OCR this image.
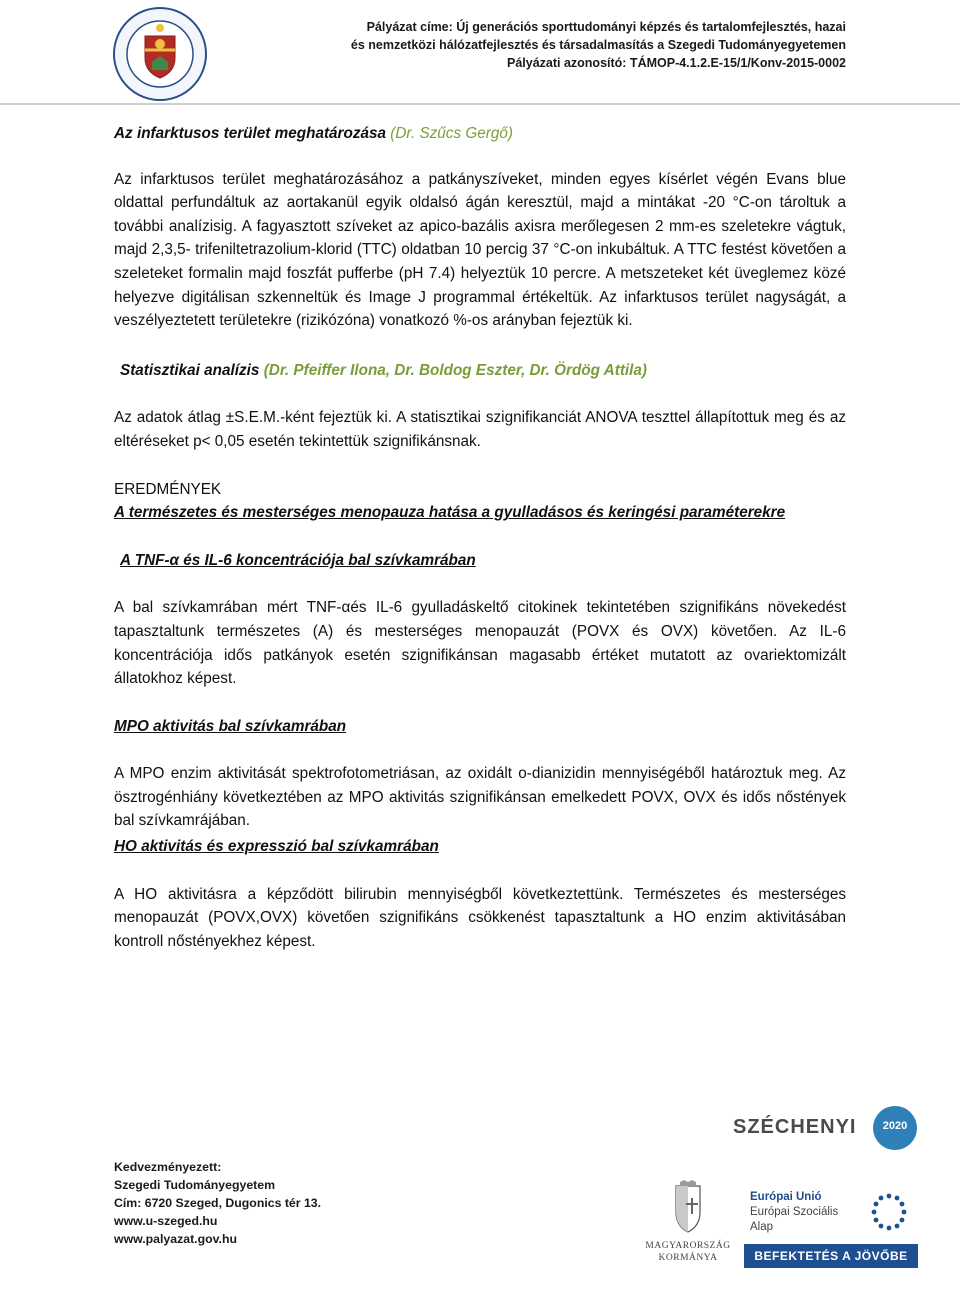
Pályázat címe: Új generációs sporttudományi képzés és tartalomfejlesztés, hazai
és nemzetközi hálózatfejlesztés és társadalmasítás a Szegedi Tudományegyetemen
Pályázati azonosító: TÁMOP-4.1.2.E-15/1/Konv-2015-0002

Az infarktusos terület meghatározása (Dr. Szűcs Gergő)

Az infarktusos terület meghatározásához a patkányszíveket, minden egyes kísérlet végén Evans blue oldattal perfundáltuk az aortakanül egyik oldalsó ágán keresztül, majd a mintákat -20 °C-on tároltuk a további analízisig. A fagyasztott szíveket az apico-bazális axisra merőlegesen 2 mm-es szeletekre vágtuk, majd 2,3,5- trifeniltetrazolium-klorid (TTC) oldatban 10 percig 37 °C-on inkubáltuk. A TTC festést követően a szeleteket formalin majd foszfát pufferbe (pH 7.4) helyeztük 10 percre. A metszeteket két üveglemez közé helyezve digitálisan szkenneltük és Image J programmal értékeltük. Az infarktusos terület nagyságát, a veszélyeztetett területekre (rizikózóna) vonatkozó %-os arányban fejeztük ki.

Statisztikai analízis (Dr. Pfeiffer Ilona, Dr. Boldog Eszter, Dr. Ördög Attila)

Az adatok átlag ±S.E.M.-ként fejeztük ki. A statisztikai szignifikanciát ANOVA teszttel állapítottuk meg és az eltéréseket p< 0,05 esetén tekintettük szignifikánsnak.

EREDMÉNYEK

A természetes és mesterséges menopauza hatása a gyulladásos és keringési paraméterekre

A TNF-α és IL-6 koncentrációja bal szívkamrában

A bal szívkamrában mért TNF-αés IL-6 gyulladáskeltő citokinek tekintetében szignifikáns növekedést tapasztaltunk természetes (A) és mesterséges menopauzát (POVX és OVX) követően. Az IL-6 koncentrációja idős patkányok esetén szignifikánsan magasabb értéket mutatott az ovariektomizált állatokhoz képest.

MPO aktivitás bal szívkamrában

A MPO enzim aktivitását spektrofotometriásan, az oxidált o-dianizidin mennyiségéből határoztuk meg. Az ösztrogénhiány következtében az MPO aktivitás szignifikánsan emelkedett POVX, OVX és idős nőstények bal szívkamrájában.

HO aktivitás és expresszió bal szívkamrában

A HO aktivitásra a képződött bilirubin mennyiségből következtettünk. Természetes és mesterséges menopauzát (POVX,OVX) követően szignifikáns csökkenést tapasztaltunk a HO enzim aktivitásában kontroll nőstényekhez képest.

Kedvezményezett:
Szegedi Tudományegyetem
Cím: 6720 Szeged, Dugonics tér 13.
www.u-szeged.hu
www.palyazat.gov.hu
SZÉCHENYI	2020
MAGYARORSZÁG
KORMÁNYA
Európai Unió
Európai Szociális
Alap
BEFEKTETÉS A JÖVŐBE
